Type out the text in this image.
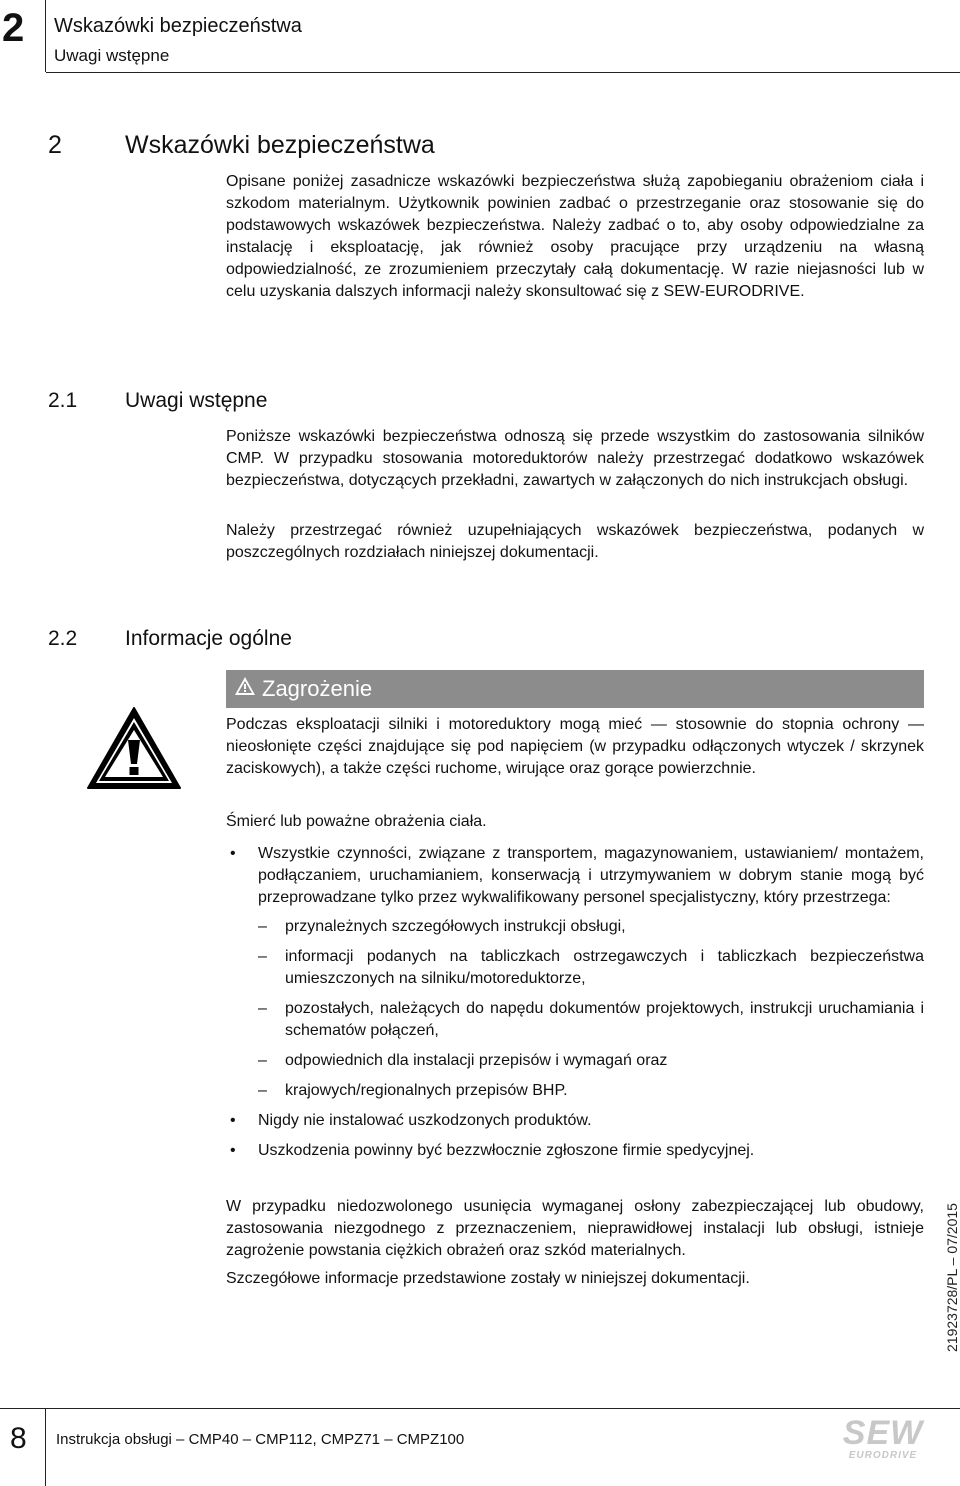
2	Wskazówki bezpieczeństwa
Uwagi wstępne
2	Wskazówki bezpieczeństwa

Opisane poniżej zasadnicze wskazówki bezpieczeństwa służą zapobieganiu obrażeniom ciała i szkodom materialnym. Użytkownik powinien zadbać o przestrzeganie oraz stosowanie się do podstawowych wskazówek bezpieczeństwa. Należy zadbać o to, aby osoby odpowiedzialne za instalację i eksploatację, jak również osoby pracujące przy urządzeniu na własną odpowiedzialność, ze zrozumieniem przeczytały całą dokumentację. W razie niejasności lub w celu uzyskania dalszych informacji należy skonsultować się z SEW-EURODRIVE.

2.1 Uwagi wstępne

Poniższe wskazówki bezpieczeństwa odnoszą się przede wszystkim do zastosowania silników CMP. W przypadku stosowania motoreduktorów należy przestrzegać dodatkowo wskazówek bezpieczeństwa, dotyczących przekładni, zawartych w załączonych do nich instrukcjach obsługi.

Należy przestrzegać również uzupełniających wskazówek bezpieczeństwa, podanych w poszczególnych rozdziałach niniejszej dokumentacji.

2.2 Informacje ogólne
Zagrożenie

Podczas eksploatacji silniki i motoreduktory mogą mieć — stosownie do stopnia ochrony — nieosłonięte części znajdujące się pod napięciem (w przypadku odłączonych wtyczek / skrzynek zaciskowych), a także części ruchome, wirujące oraz gorące powierzchnie.

Śmierć lub poważne obrażenia ciała.

• Wszystkie czynności, związane z transportem, magazynowaniem, ustawianiem/ montażem, podłączaniem, uruchamianiem, konserwacją i utrzymywaniem w dobrym stanie mogą być przeprowadzane tylko przez wykwalifikowany personel specjalistyczny, który przestrzega:
– przynależnych szczegółowych instrukcji obsługi,
– informacji podanych na tabliczkach ostrzegawczych i tabliczkach bezpieczeństwa umieszczonych na silniku/motoreduktorze,
– pozostałych, należących do napędu dokumentów projektowych, instrukcji uruchamiania i schematów połączeń,
– odpowiednich dla instalacji przepisów i wymagań oraz
– krajowych/regionalnych przepisów BHP.
• Nigdy nie instalować uszkodzonych produktów.
• Uszkodzenia powinny być bezzwłocznie zgłoszone firmie spedycyjnej.

W przypadku niedozwolonego usunięcia wymaganej osłony zabezpieczającej lub obudowy, zastosowania niezgodnego z przeznaczeniem, nieprawidłowej instalacji lub obsługi, istnieje zagrożenie powstania ciężkich obrażeń oraz szkód materialnych.

Szczegółowe informacje przedstawione zostały w niniejszej dokumentacji.	21923728/PL – 07/2015
8	Instrukcja obsługi – CMP40 – CMP112, CMPZ71 – CMPZ100	SEW
EURODRIVE
